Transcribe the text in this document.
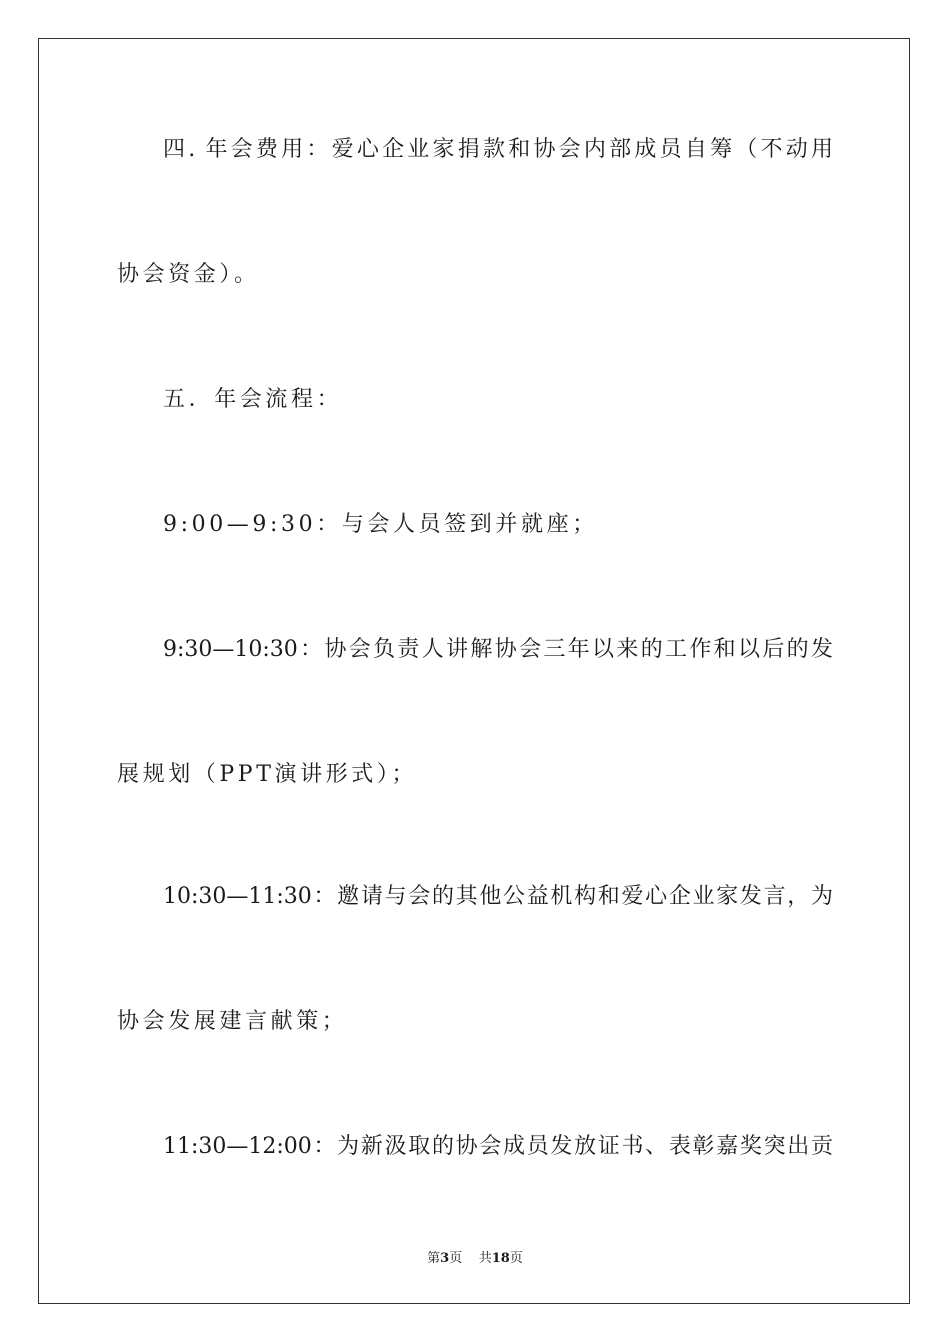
四. 年会费用：爱心企业家捐款和协会内部成员自筹（不动用
协会资金）。
五．年会流程：
9:00—9:30：与会人员签到并就座；
9:30—10:30：协会负责人讲解协会三年以来的工作和以后的发
展规划（PPT演讲形式）；
10:30—11:30：邀请与会的其他公益机构和爱心企业家发言，为
协会发展建言献策；
11:30—12:00：为新汲取的协会成员发放证书、表彰嘉奖突出贡
第3页 共18页
